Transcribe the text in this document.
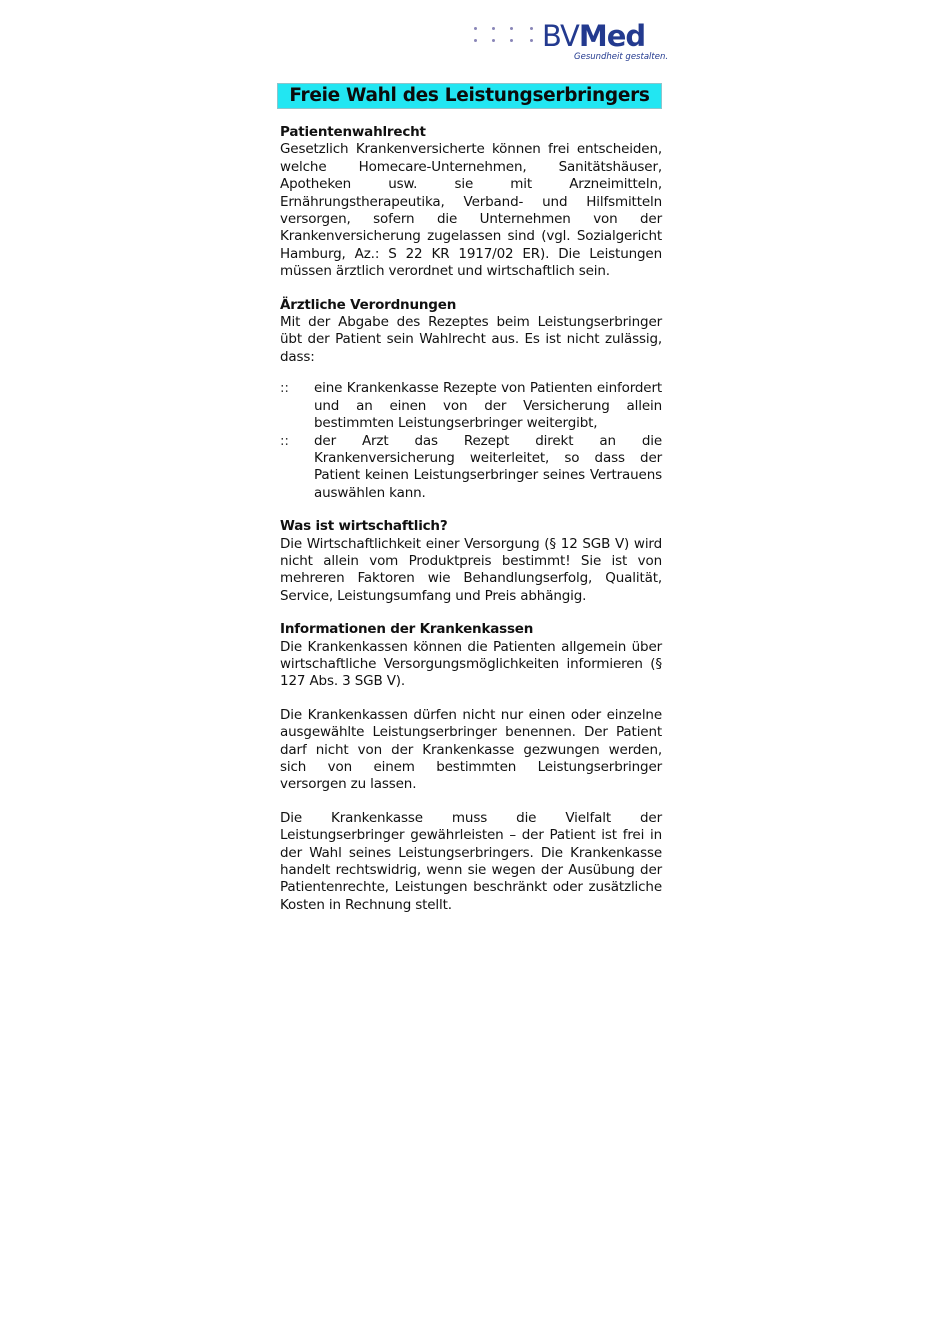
BVMed
Gesundheit gestalten.
Freie Wahl des Leistungserbringers
Patientenwahlrecht

Gesetzlich Krankenversicherte können frei entscheiden, welche Homecare-Unternehmen, Sanitätshäuser, Apotheken usw. sie mit Arzneimitteln, Ernährungstherapeutika, Verband- und Hilfsmitteln versorgen, sofern die Unternehmen von der Krankenversicherung zugelassen sind (vgl. Sozialgericht Hamburg, Az.: S 22 KR 1917/02 ER). Die Leistungen müssen ärztlich verordnet und wirtschaftlich sein.

Ärztliche Verordnungen

Mit der Abgabe des Rezeptes beim Leistungserbringer übt der Patient sein Wahlrecht aus. Es ist nicht zulässig, dass:

::	eine Krankenkasse Rezepte von Patienten einfordert und an einen von der Versicherung allein bestimmten Leistungserbringer weitergibt,
::	der Arzt das Rezept direkt an die Krankenversicherung weiterleitet, so dass der Patient keinen Leistungserbringer seines Vertrauens auswählen kann.
Was ist wirtschaftlich?

Die Wirtschaftlichkeit einer Versorgung (§ 12 SGB V) wird nicht allein vom Produktpreis bestimmt! Sie ist von mehreren Faktoren wie Behandlungserfolg, Qualität, Service, Leistungsumfang und Preis abhängig.

Informationen der Krankenkassen

Die Krankenkassen können die Patienten allgemein über wirtschaftliche Versorgungsmöglichkeiten informieren (§ 127 Abs. 3 SGB V).

Die Krankenkassen dürfen nicht nur einen oder einzelne ausgewählte Leistungserbringer benennen. Der Patient darf nicht von der Krankenkasse gezwungen werden, sich von einem bestimmten Leistungserbringer versorgen zu lassen.

Die Krankenkasse muss die Vielfalt der Leistungserbringer gewährleisten – der Patient ist frei in der Wahl seines Leistungserbringers. Die Krankenkasse handelt rechtswidrig, wenn sie wegen der Ausübung der Patientenrechte, Leistungen beschränkt oder zusätzliche Kosten in Rechnung stellt.
